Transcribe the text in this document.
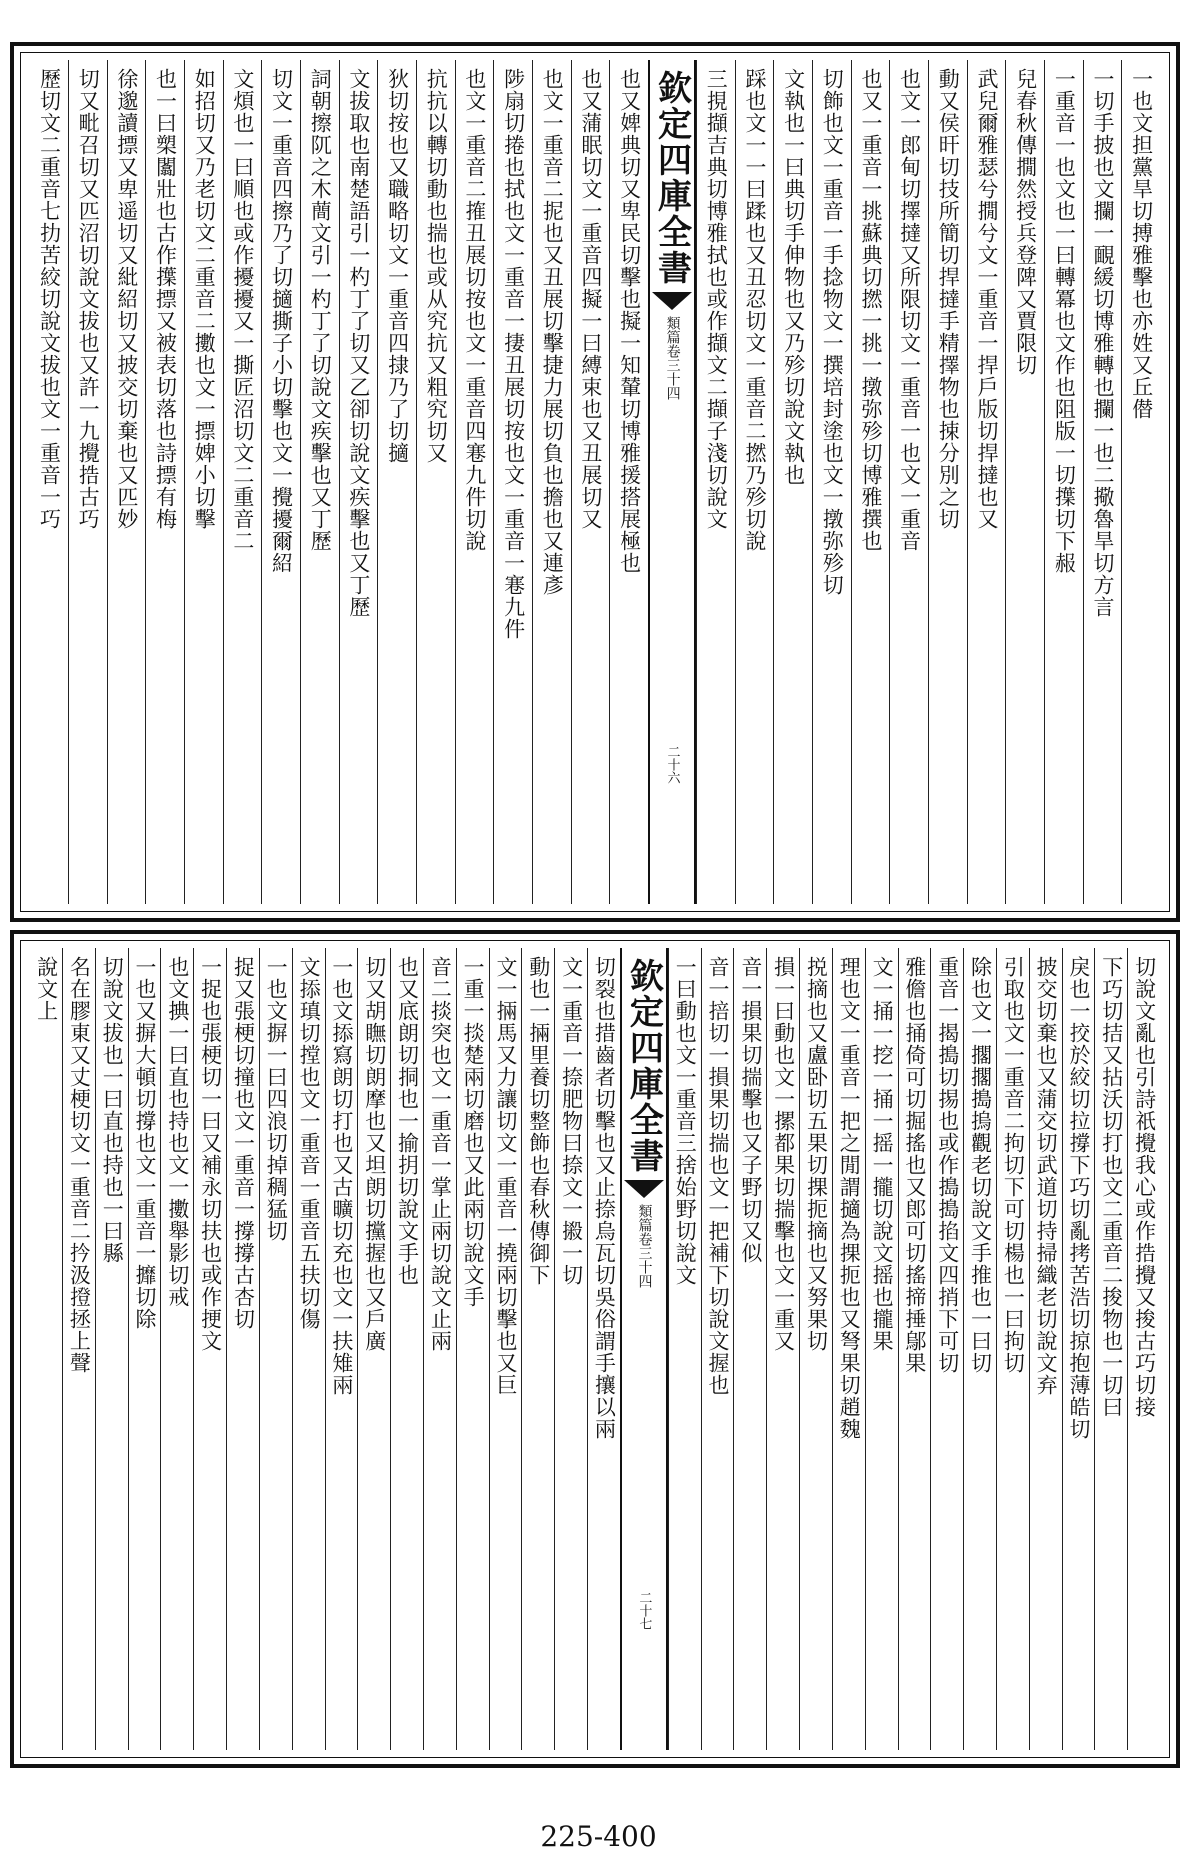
一也文担黨旱切搏雅擊也亦姓又丘僣
一切手披也文攔一靦緩切博雅轉也攔一也二擏魯旱切方言
一重音一也文也一曰轉冪也文作也阻版一切擛切下赧
兒春秋傳撊然授兵登陴又賈限切
武兒爾雅瑟兮撊兮文一重音一捍戶版切捍撻也又
動又侯旰切技所簡切捍撻手精擇物也捒分別之切
也文一郎甸切擇撻又所限切文一重音一也文一重音
也又一重音一挑蘇典切撚一挑一撴弥殄切博雅撰也
切飾也文一重音一手捻物文一撰培封塗也文一撴弥殄切
文執也一曰典切手伸物也又乃殄切說文執也
踩也文一一曰蹂也又丑忍切文一重音二撚乃殄切說
三挸擷吉典切博雅拭也或作擷文二擷子淺切說文
欽定四庫全書
類篇
卷三十四
二十六
也又婢典切又卑民切擊也擬一知輦切博雅援搭展極也
也又蒲眠切文一重音四擬一曰縛束也又丑展切又
也文一重音二抳也又丑展切擊捷力展切負也擔也又連彥
陟扇切捲也拭也文一重音一捿丑展切按也文一重音一寋九件
也文一重音二搉丑展切按也文一重音四寋九件切說
抗抗以轉切動也揣也或从究抗又粗究切又
狄切按也又職略切文一重音四捸乃了切擿
文拔取也南楚語引一杓丁了切又乙卻切說文疾擊也又丁歷
詞朝擦阢之木蕳文引一杓丁了切說文疾擊也又丁歷
切文一重音四擦乃了切擿撕子小切擊也文一攪擾爾紹
文煩也一曰順也或作擾擾又一撕匠沼切文二重音二
如招切又乃老切文二重音二擻也文一摽婢小切擊
也一曰槊闟壯也古作擛摽又被表切落也詩摽有梅
徐邈讀摽又卑遥切又紕紹切又披交切棄也又匹妙
切又毗召切又匹沼切說文拔也又許一九攪捁古巧
歷切文二重音七扐苦絞切說文拔也文一重音一巧
切說文亂也引詩祇攪我心或作捁攪又捘古巧切接
下巧切拮又拈沃切打也文二重音二捘物也一切曰
戾也一挍於絞切拉撐下巧切亂拷苦浩切掠抱薄皓切
披交切棄也又蒲交切武道切持掃織老切說文弃
引取也文一重音二拘切下可切楊也一曰拘切
除也文一擱擱搗摀觀老切說文手推也一曰切
重音一揭搗切掦也或作搗搗掐文四捎下可切
雅儋也捅倚可切掘搖也又郎可切搖揥捶鄔果
文一捅一挖一捅一摇一攏切說文摇也攏果
理也文一重音一把之閒謂擿為捰扼也又弩果切趙魏
捝摘也又盧卧切五果切捰扼摘也又努果切
損一曰動也文一摞都果切揣擊也文一重又
音一損果切揣擊也又子野切又似
音一掊切一損果切揣也文一把補下切說文握也
一曰動也文一重音三捨始野切說文
欽定四庫全書
類篇
卷三十四
二十七
切裂也措齒者切擊也又止捺烏瓦切吳俗謂手攘以兩
文一重音一捺肥物曰捺文一摋一切
動也一掚里養切整飾也春秋傳御下
文一掚馬又力讓切文一重音一撓兩切擊也又巨
一重一掞楚兩切磨也又此兩切說文手
音二掞突也文一重音一掌止兩切說文止兩
也又底朗切挏也一揄抈切說文手也
切又胡瞴切朗摩也又坦朗切攩握也又戶廣
一也文掭寫朗切打也又古曠切充也文一扶雉兩
文掭瑱切摚也文一重音一重音五扶切傷
一也文摒一曰四浪切掉稠猛切
捉又張梗切撞也文一重音一撐撐古杏切
一捉也張梗切一曰又補永切扶也或作挭文
也文捵一曰直也持也文一擻舉影切戒
一也又摒大頓切撐也文一重音一攠切除
切說文拔也一曰直也持也一曰縣
名在膠東又丈梗切文一重音二扲汲撜拯上聲
說文上
225-400
